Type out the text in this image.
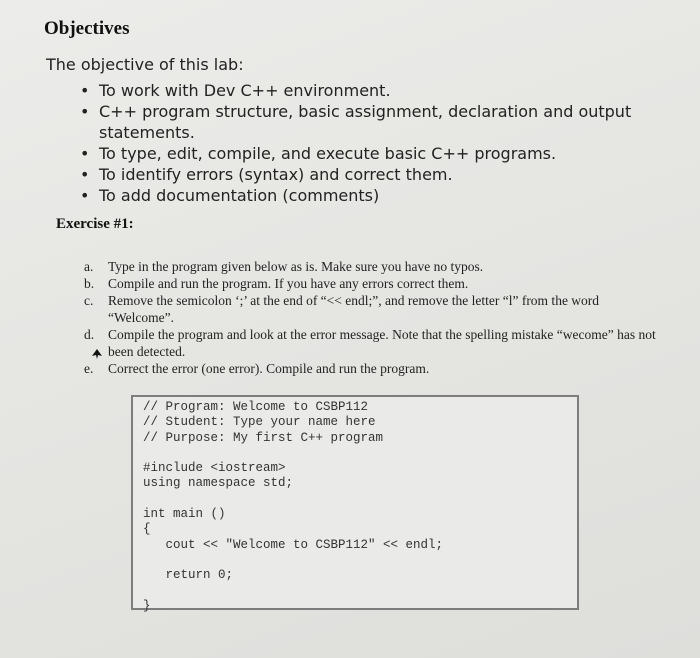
Objectives
The objective of this lab:
• To work with Dev C++ environment.
• C++ program structure, basic assignment, declaration and output statements.
• To type, edit, compile, and execute basic C++ programs.
• To identify errors (syntax) and correct them.
• To add documentation (comments)
Exercise #1:
a. Type in the program given below as is. Make sure you have no typos.
b. Compile and run the program. If you have any errors correct them.
c. Remove the semicolon ‘;’ at the end of “<< endl;”, and remove the letter “l” from the word “Welcome”.
d. Compile the program and look at the error message. Note that the spelling mistake “wecome” has not been detected.
e. Correct the error (one error). Compile and run the program.
// Program: Welcome to CSBP112
// Student: Type your name here
// Purpose: My first C++ program
#include <iostream>
using namespace std;
int main ()
{
cout << "Welcome to CSBP112" << endl;
return 0;
}
